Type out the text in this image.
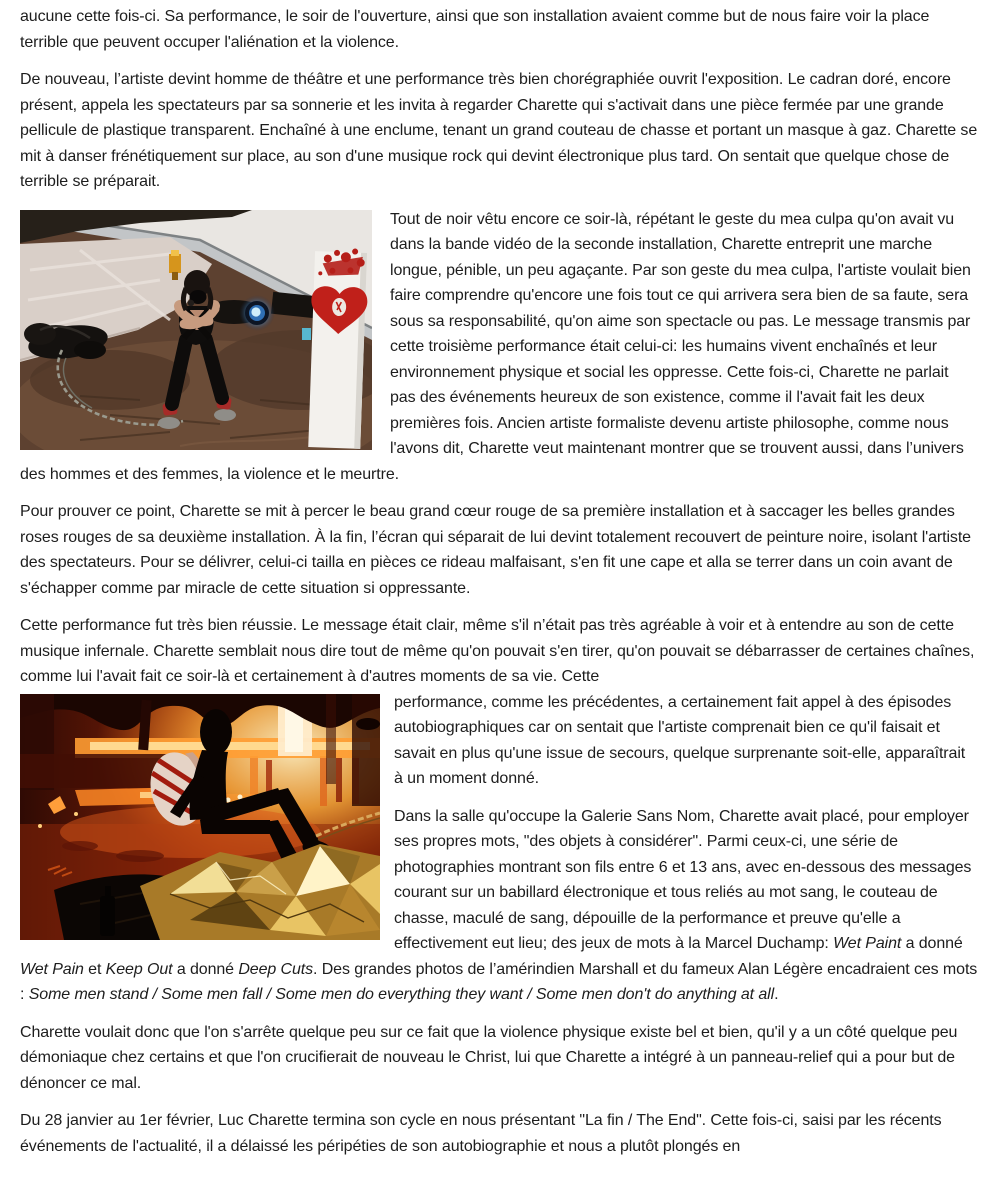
aucune cette fois-ci. Sa performance, le soir de l'ouverture, ainsi que son installation avaient comme but de nous faire voir la place terrible que peuvent occuper l'aliénation et la violence.

De nouveau, l’artiste devint homme de théâtre et une performance très bien chorégraphiée ouvrit l'exposition. Le cadran doré, encore présent, appela les spectateurs par sa sonnerie et les invita à regarder Charette qui s'activait dans une pièce fermée par une grande pellicule de plastique transparent. Enchaîné à une enclume, tenant un grand couteau de chasse et portant un masque à gaz. Charette se mit à danser frénétiquement sur place, au son d'une musique rock qui devint électronique plus tard. On sentait que quelque chose de terrible se préparait.

Tout de noir vêtu encore ce soir-là, répétant le geste du mea culpa qu'on avait vu dans la bande vidéo de la seconde installation, Charette entreprit une marche longue, pénible, un peu agaçante. Par son geste du mea culpa, l'artiste voulait bien faire comprendre qu'encore une fois tout ce qui arrivera sera bien de sa faute, sera sous sa responsabilité, qu'on aime son spectacle ou pas. Le message transmis par cette troisième performance était celui-ci: les humains vivent enchaînés et leur environnement physique et social les oppresse. Cette fois-ci, Charette ne parlait pas des événements heureux de son existence, comme il l'avait fait les deux premières fois. Ancien artiste formaliste devenu artiste philosophe, comme nous l'avons dit, Charette veut maintenant montrer que se trouvent aussi, dans l’univers des hommes et des femmes, la violence et le meurtre.

Pour prouver ce point, Charette se mit à percer le beau grand cœur rouge de sa première installation et à saccager les belles grandes roses rouges de sa deuxième installation. À la fin, l’écran qui séparait de lui devint totalement recouvert de peinture noire, isolant l'artiste des spectateurs. Pour se délivrer, celui-ci tailla en pièces ce rideau malfaisant, s'en fit une cape et alla se terrer dans un coin avant de s'échapper comme par miracle de cette situation si oppressante.

Cette performance fut très bien réussie. Le message était clair, même s'il n’était pas très agréable à voir et à entendre au son de cette musique infernale. Charette semblait nous dire tout de même qu'on pouvait s'en tirer, qu'on pouvait se débarrasser de certaines chaînes, comme lui l'avait fait ce soir-là et certainement à d'autres moments de sa vie. Cette

performance, comme les précédentes, a certainement fait appel à des épisodes autobiographiques car on sentait que l'artiste comprenait bien ce qu'il faisait et savait en plus qu'une issue de secours, quelque surprenante soit-elle, apparaîtrait à un moment donné.

Dans la salle qu'occupe la Galerie Sans Nom, Charette avait placé, pour employer ses propres mots, "des objets à considérer". Parmi ceux-ci, une série de photographies montrant son fils entre 6 et 13 ans, avec en-dessous des messages courant sur un babillard électronique et tous reliés au mot sang, le couteau de chasse, maculé de sang, dépouille de la performance et preuve qu'elle a effectivement eut lieu; des jeux de mots à la Marcel Duchamp: Wet Paint a donné Wet Pain et Keep Out a donné Deep Cuts. Des grandes photos de l’amérindien Marshall et du fameux Alan Légère encadraient ces mots : Some men stand / Some men fall / Some men do everything they want / Some men don't do anything at all.

Charette voulait donc que l'on s'arrête quelque peu sur ce fait que la violence physique existe bel et bien, qu'il y a un côté quelque peu démoniaque chez certains et que l'on crucifierait de nouveau le Christ, lui que Charette a intégré à un panneau-relief qui a pour but de dénoncer ce mal.

Du 28 janvier au 1er février, Luc Charette termina son cycle en nous présentant "La fin / The End". Cette fois-ci, saisi par les récents événements de l'actualité, il a délaissé les péripéties de son autobiographie et nous a plutôt plongés en
